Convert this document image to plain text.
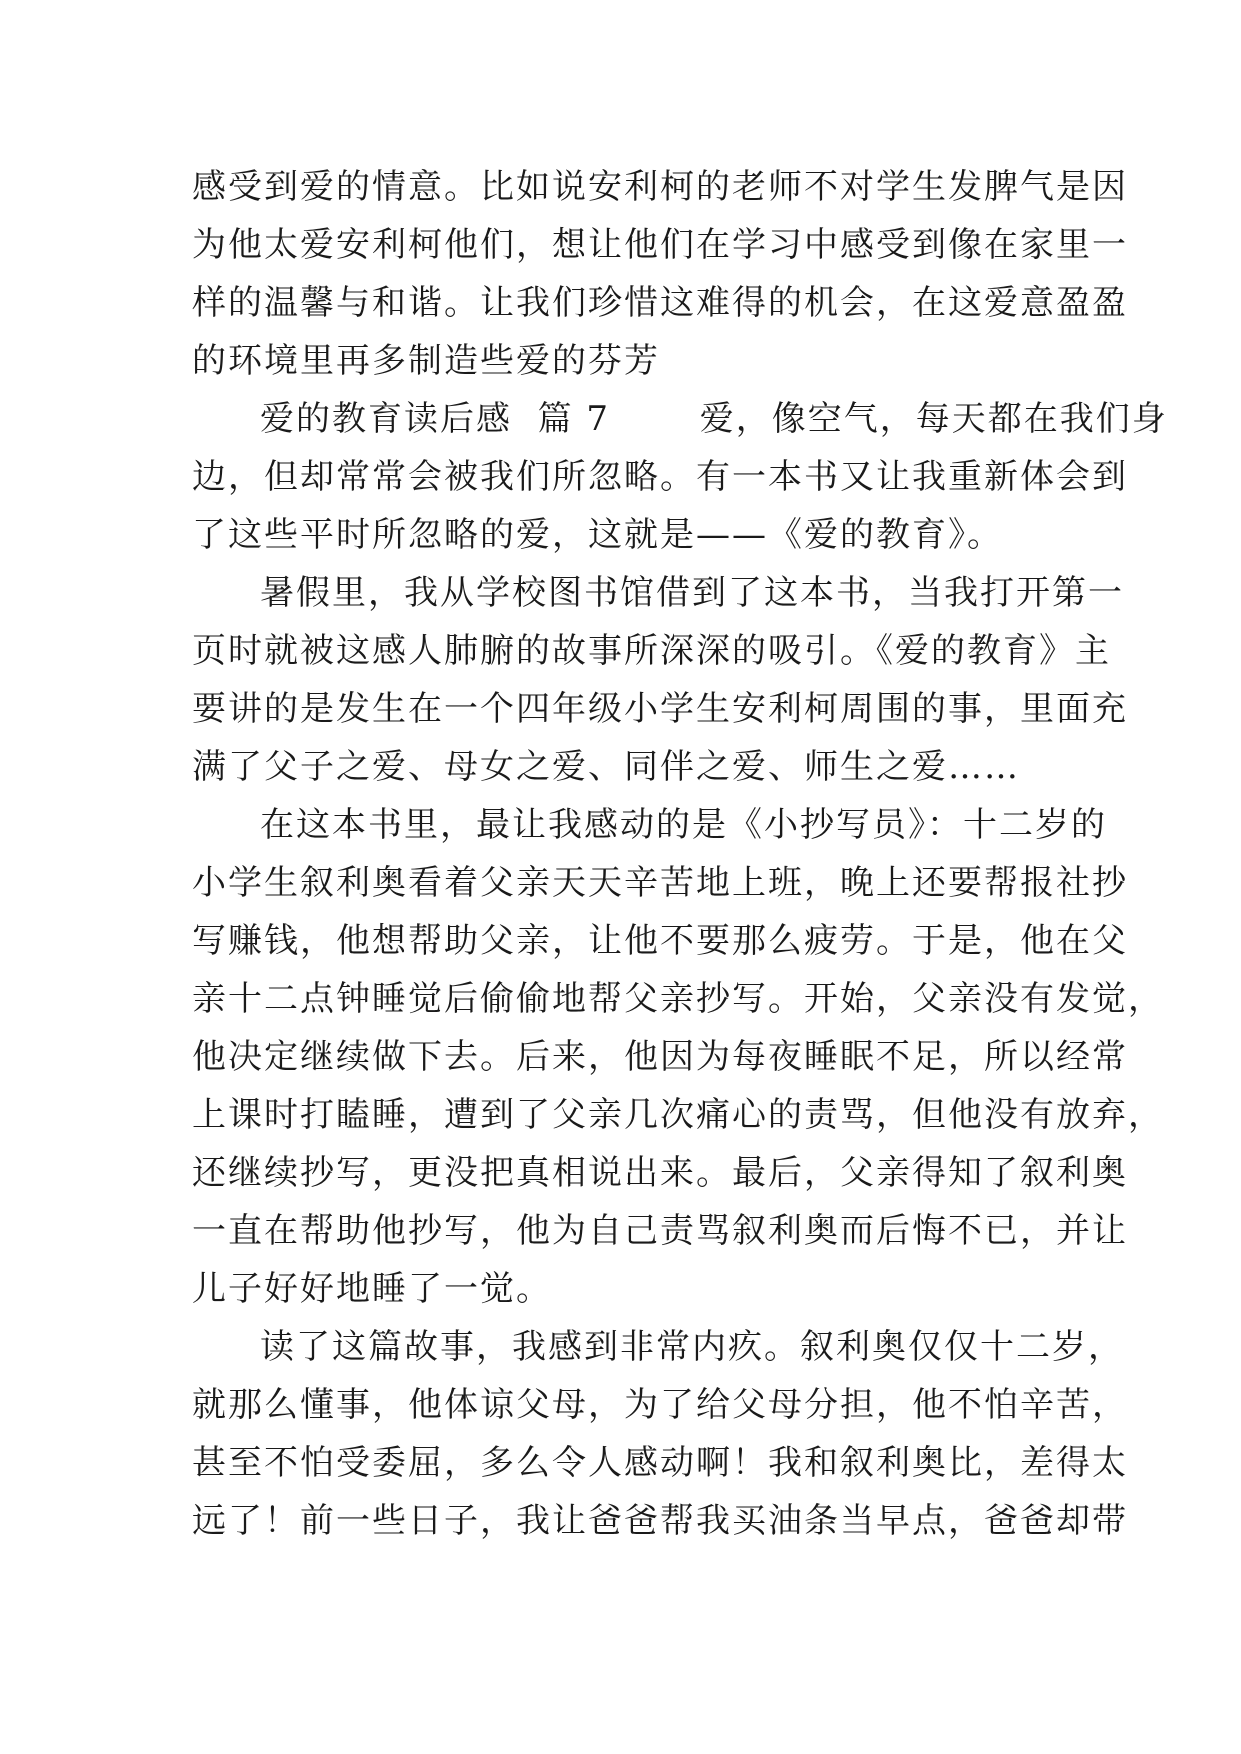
感受到爱的情意。比如说安利柯的老师不对学生发脾气是因
为他太爱安利柯他们，想让他们在学习中感受到像在家里一
样的温馨与和谐。让我们珍惜这难得的机会，在这爱意盈盈
的环境里再多制造些爱的芬芳
爱的教育读后感  篇 7       爱，像空气，每天都在我们身
边，但却常常会被我们所忽略。有一本书又让我重新体会到
了这些平时所忽略的爱，这就是——《爱的教育》。
暑假里，我从学校图书馆借到了这本书，当我打开第一
页时就被这感人肺腑的故事所深深的吸引。《爱的教育》主
要讲的是发生在一个四年级小学生安利柯周围的事，里面充
满了父子之爱、母女之爱、同伴之爱、师生之爱……
在这本书里，最让我感动的是《小抄写员》：十二岁的
小学生叙利奥看着父亲天天辛苦地上班，晚上还要帮报社抄
写赚钱，他想帮助父亲，让他不要那么疲劳。于是，他在父
亲十二点钟睡觉后偷偷地帮父亲抄写。开始，父亲没有发觉，
他决定继续做下去。后来，他因为每夜睡眠不足，所以经常
上课时打瞌睡，遭到了父亲几次痛心的责骂，但他没有放弃，
还继续抄写，更没把真相说出来。最后，父亲得知了叙利奥
一直在帮助他抄写，他为自己责骂叙利奥而后悔不已，并让
儿子好好地睡了一觉。
读了这篇故事，我感到非常内疚。叙利奥仅仅十二岁，
就那么懂事，他体谅父母，为了给父母分担，他不怕辛苦，
甚至不怕受委屈，多么令人感动啊！我和叙利奥比，差得太
远了！前一些日子，我让爸爸帮我买油条当早点，爸爸却带
